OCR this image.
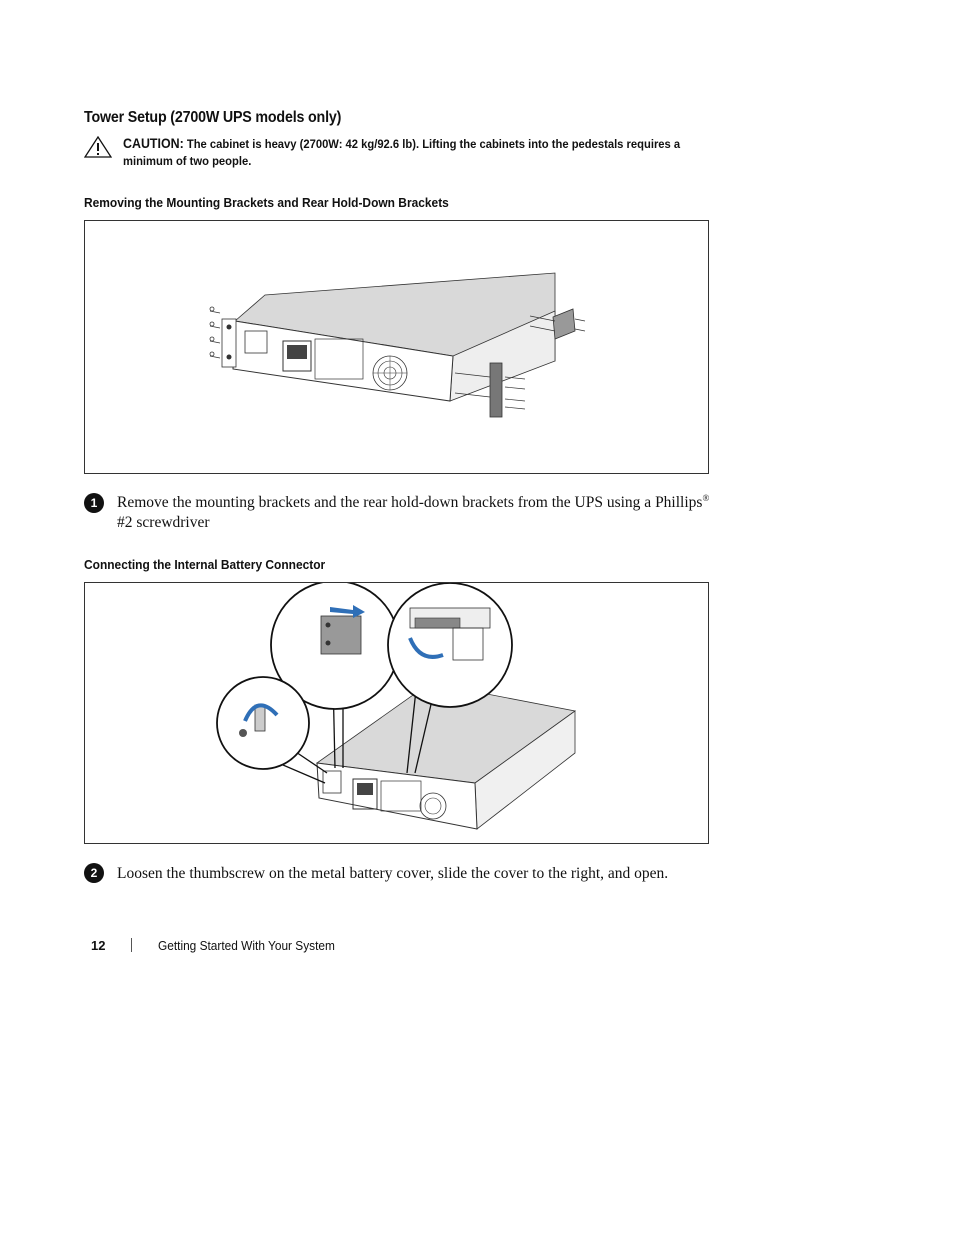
Tower Setup (2700W UPS models only)
CAUTION: The cabinet is heavy (2700W: 42 kg/92.6 lb). Lifting the cabinets into the pedestals requires a minimum of two people.
Removing the Mounting Brackets and Rear Hold-Down Brackets
1	Remove the mounting brackets and the rear hold-down brackets from the UPS using a Phillips®
#2 screwdriver
Connecting the Internal Battery Connector
2	Loosen the thumbscrew on the metal battery cover, slide the cover to the right, and open.
12	Getting Started With Your System
